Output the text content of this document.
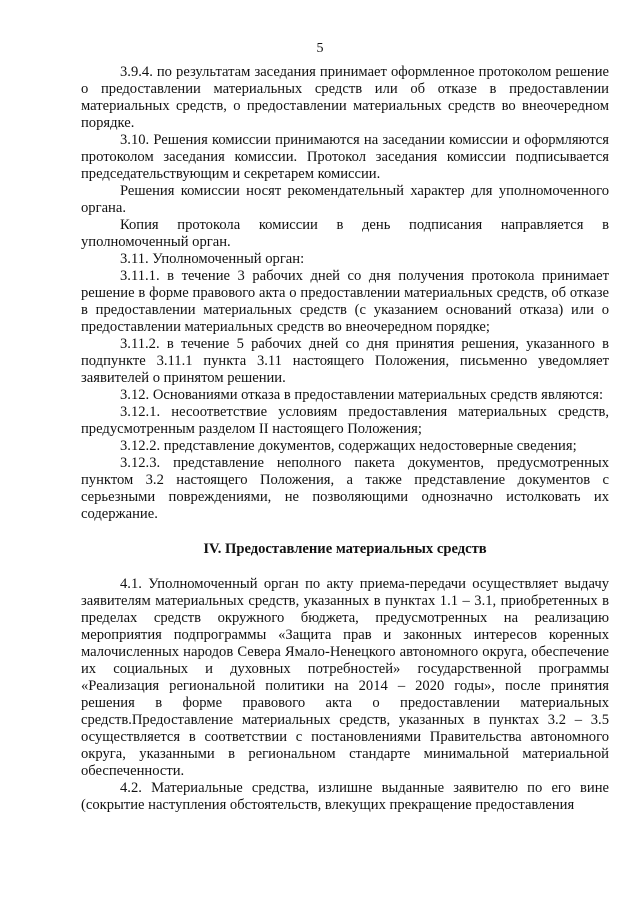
5

3.9.4. по результатам заседания принимает оформленное протоколом решение о предоставлении материальных средств или об отказе в предоставлении материальных средств, о предоставлении материальных средств во внеочередном порядке.

3.10. Решения комиссии принимаются на заседании комиссии и оформляются протоколом заседания комиссии. Протокол заседания комиссии подписывается председательствующим и секретарем комиссии.

Решения комиссии носят рекомендательный характер для уполномоченного органа.

Копия протокола комиссии в день подписания направляется в уполномоченный орган.

3.11. Уполномоченный орган:

3.11.1. в течение 3 рабочих дней со дня получения протокола принимает решение в форме правового акта о предоставлении материальных средств, об отказе в предоставлении материальных средств (с указанием оснований отказа) или о предоставлении материальных средств во внеочередном порядке;

3.11.2. в течение 5 рабочих дней со дня принятия решения, указанного в подпункте 3.11.1 пункта 3.11 настоящего Положения, письменно уведомляет заявителей о принятом решении.

3.12. Основаниями отказа в предоставлении материальных средств являются:

3.12.1. несоответствие условиям предоставления материальных средств, предусмотренным разделом II настоящего Положения;

3.12.2. представление документов, содержащих недостоверные сведения;

3.12.3. представление неполного пакета документов, предусмотренных пунктом 3.2 настоящего Положения, а также представление документов с серьезными повреждениями, не позволяющими однозначно истолковать их содержание.

IV. Предоставление материальных средств

4.1. Уполномоченный орган по акту приема-передачи осуществляет выдачу заявителям материальных средств, указанных в пунктах 1.1 – 3.1, приобретенных в пределах средств окружного бюджета, предусмотренных на реализацию мероприятия подпрограммы «Защита прав и законных интересов коренных малочисленных народов Севера Ямало-Ненецкого автономного округа, обеспечение их социальных и духовных потребностей» государственной программы «Реализация региональной политики на 2014 – 2020 годы», после принятия решения в форме правового акта о предоставлении материальных средств.Предоставление материальных средств, указанных в пунктах 3.2 – 3.5 осуществляется в соответствии с постановлениями Правительства автономного округа, указанными в региональном стандарте минимальной материальной обеспеченности.

4.2. Материальные средства, излишне выданные заявителю по его вине (сокрытие наступления обстоятельств, влекущих прекращение предоставления
